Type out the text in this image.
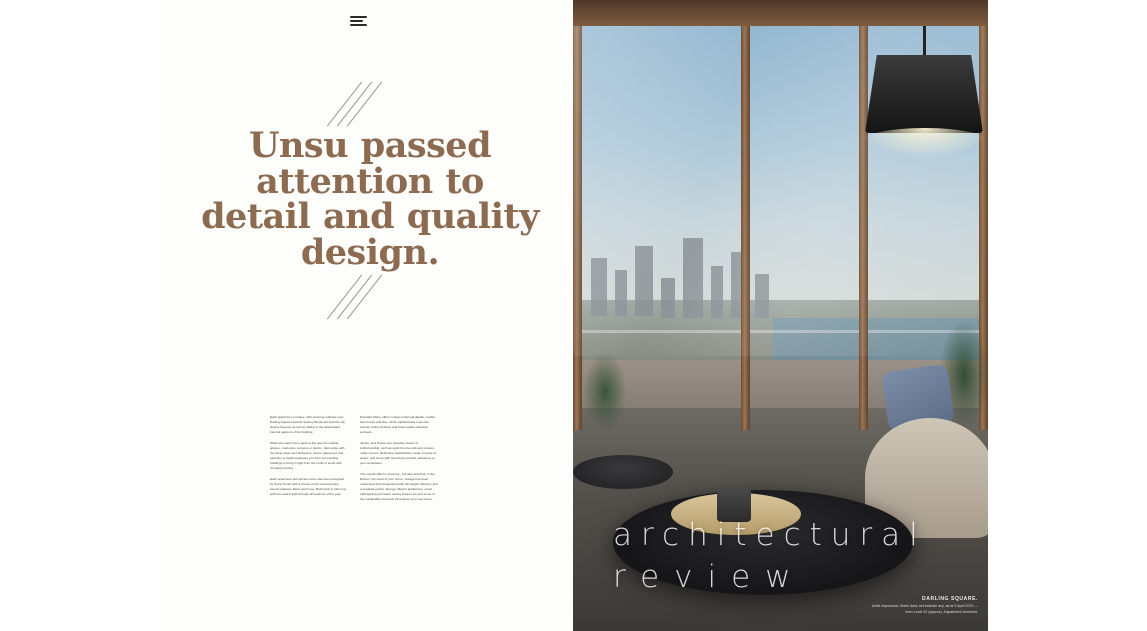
Unsu passed attention to detail and quality design.

Each apartment a unique, with stunning outlooks over Darling Square towards Sydney Boulevard and the city skyline beyond, as well as taking in the landscaped internal gardens of the building.

What sets each home apart is the way the outside spaces - balconies, terraces or decks - harmonise with the living areas and bedrooms. Clever placement and attention to detail separates you from surrounding buildings to bring in light from the north or south with complete privacy.

Each apartment and terrace home has been designed by Some Smart with a choice of two contemporary interior palettes, Metro and Luxe. Both work in harmony with the natural light through all seasons of the year.

Dramatic Metro offers contrast charcoal details, marble bench tops and tiles, while sophisticated Luxe has warmer timber finishes and brass patina reflective surfaces.

Joinery and fixtures are bespoke pieces of craftsmanship, such as rapid bronze pulls and custom-made mirrors. Reflective splashbacks create a sense of space, and stone slab benchtops provide substance to your workspace.

The overall effect is stunning - but also practical. In the kitchen, the heart of your home, storage has been maximised and streamlined with full-height cabinetry and a separate pantry. Energy efficient appliances, smart LED lighting and water saving fixtures are just some of the sustainable elements throughout your new home.

architectural
review
DARLING SQUARE.
Artist impression, finish does not indicate any, as at 5 April 2019 —
from Level 20 (approx). Adjustment imminent.
